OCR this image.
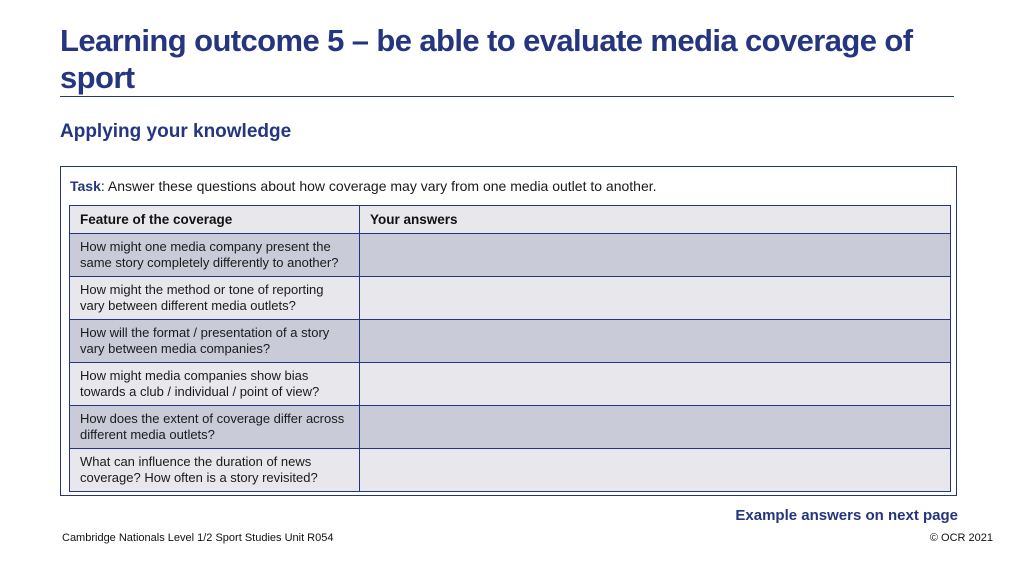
Learning outcome 5 – be able to evaluate media coverage of sport
Applying your knowledge

Task: Answer these questions about how coverage may vary from one media outlet to another.

Feature of the coverage	Your answers
How might one media company present the same story completely differently to another?	
How might the method or tone of reporting vary between different media outlets?	
How will the format / presentation of a story vary between media companies?	
How might media companies show bias towards a club / individual / point of view?	
How does the extent of coverage differ across different media outlets?	
What can influence the duration of news coverage? How often is a story revisited?	

Example answers on next page

Cambridge Nationals Level 1/2 Sport Studies Unit R054	© OCR 2021
